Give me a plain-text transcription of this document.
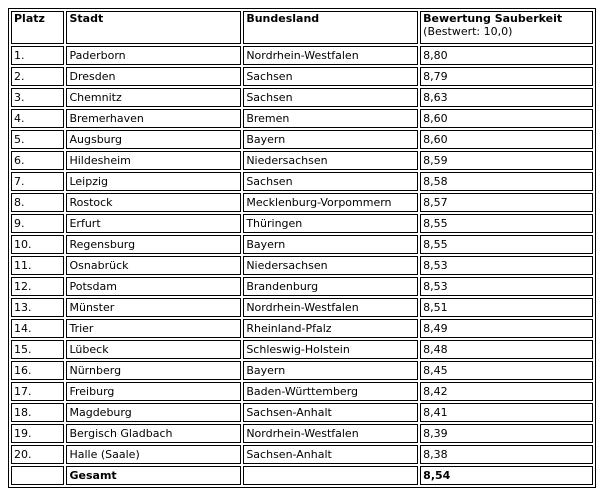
Platz	Stadt	Bundesland	Bewertung Sauberkeit
(Bestwert: 10,0)

1.	Paderborn	Nordrhein-Westfalen	8,80
2.	Dresden	Sachsen	8,79
3.	Chemnitz	Sachsen	8,63
4.	Bremerhaven	Bremen	8,60
5.	Augsburg	Bayern	8,60
6.	Hildesheim	Niedersachsen	8,59
7.	Leipzig	Sachsen	8,58
8.	Rostock	Mecklenburg-Vorpommern	8,57
9.	Erfurt	Thüringen	8,55
10.	Regensburg	Bayern	8,55
11.	Osnabrück	Niedersachsen	8,53
12.	Potsdam	Brandenburg	8,53
13.	Münster	Nordrhein-Westfalen	8,51
14.	Trier	Rheinland-Pfalz	8,49
15.	Lübeck	Schleswig-Holstein	8,48
16.	Nürnberg	Bayern	8,45
17.	Freiburg	Baden-Württemberg	8,42
18.	Magdeburg	Sachsen-Anhalt	8,41
19.	Bergisch Gladbach	Nordrhein-Westfalen	8,39
20.	Halle (Saale)	Sachsen-Anhalt	8,38
	Gesamt		8,54
